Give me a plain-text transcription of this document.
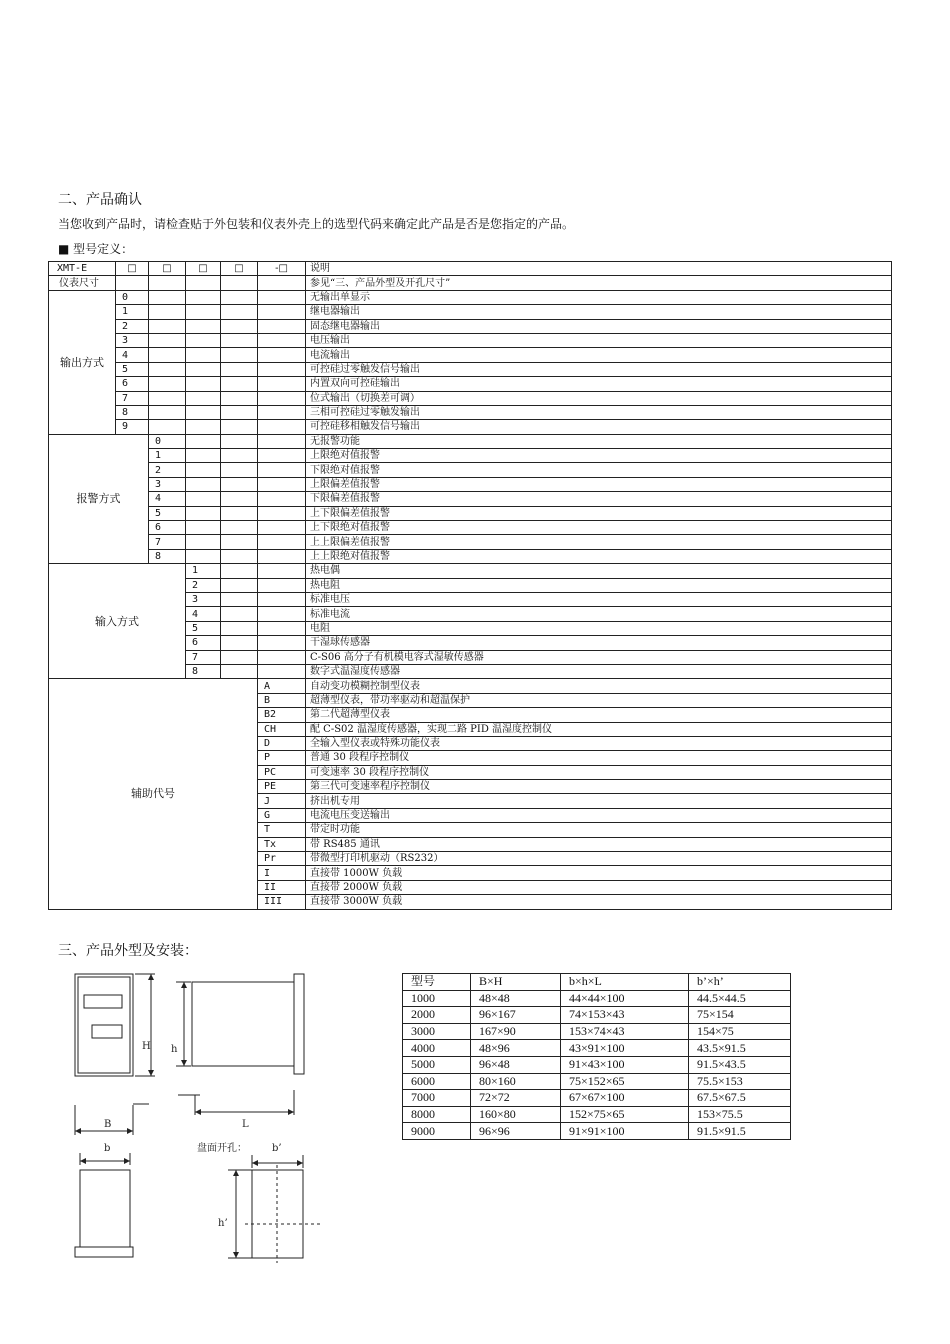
二、产品确认
当您收到产品时，请检查贴于外包装和仪表外壳上的选型代码来确定此产品是否是您指定的产品。
■ 型号定义：
XMT-E	□	□	□	□	-□	说明
仪表尺寸						参见“三、产品外型及开孔尺寸”
输出方式	0					无输出单显示
	1					继电器输出
	2					固态继电器输出
	3					电压输出
	4					电流输出
	5					可控硅过零触发信号输出
	6					内置双向可控硅输出
	7					位式输出（切换差可调）
	8					三相可控硅过零触发输出
	9					可控硅移相触发信号输出
报警方式		0				无报警功能
		1				上限绝对值报警
		2				下限绝对值报警
		3				上限偏差值报警
		4				下限偏差值报警
		5				上下限偏差值报警
		6				上下限绝对值报警
		7				上上限偏差值报警
		8				上上限绝对值报警
输入方式			1			热电偶
			2			热电阻
			3			标准电压
			4			标准电流
			5			电阻
			6			干湿球传感器
			7			C-S06 高分子有机模电容式湿敏传感器
			8			数字式温湿度传感器
辅助代号					A	自动变功模糊控制型仪表
					B	超薄型仪表，带功率驱动和超温保护
					B2	第二代超薄型仪表
					CH	配 C-S02 温湿度传感器，实现二路 PID 温湿度控制仪
					D	全输入型仪表或特殊功能仪表
					P	普通 30 段程序控制仪
					PC	可变速率 30 段程序控制仪
					PE	第三代可变速率程序控制仪
					J	挤出机专用
					G	电流电压变送输出
					T	带定时功能
					Tx	带 RS485 通讯
					Pr	带微型打印机驱动（RS232）
					I	直接带 1000W 负载
					II	直接带 2000W 负载
					III	直接带 3000W 负载
三、产品外型及安装：
H h
B	L
b	盘面开孔：	b’
h’
型号	B×H	b×h×L	b’×h’
1000	48×48	44×44×100	44.5×44.5
2000	96×167	74×153×43	75×154
3000	167×90	153×74×43	154×75
4000	48×96	43×91×100	43.5×91.5
5000	96×48	91×43×100	91.5×43.5
6000	80×160	75×152×65	75.5×153
7000	72×72	67×67×100	67.5×67.5
8000	160×80	152×75×65	153×75.5
9000	96×96	91×91×100	91.5×91.5
